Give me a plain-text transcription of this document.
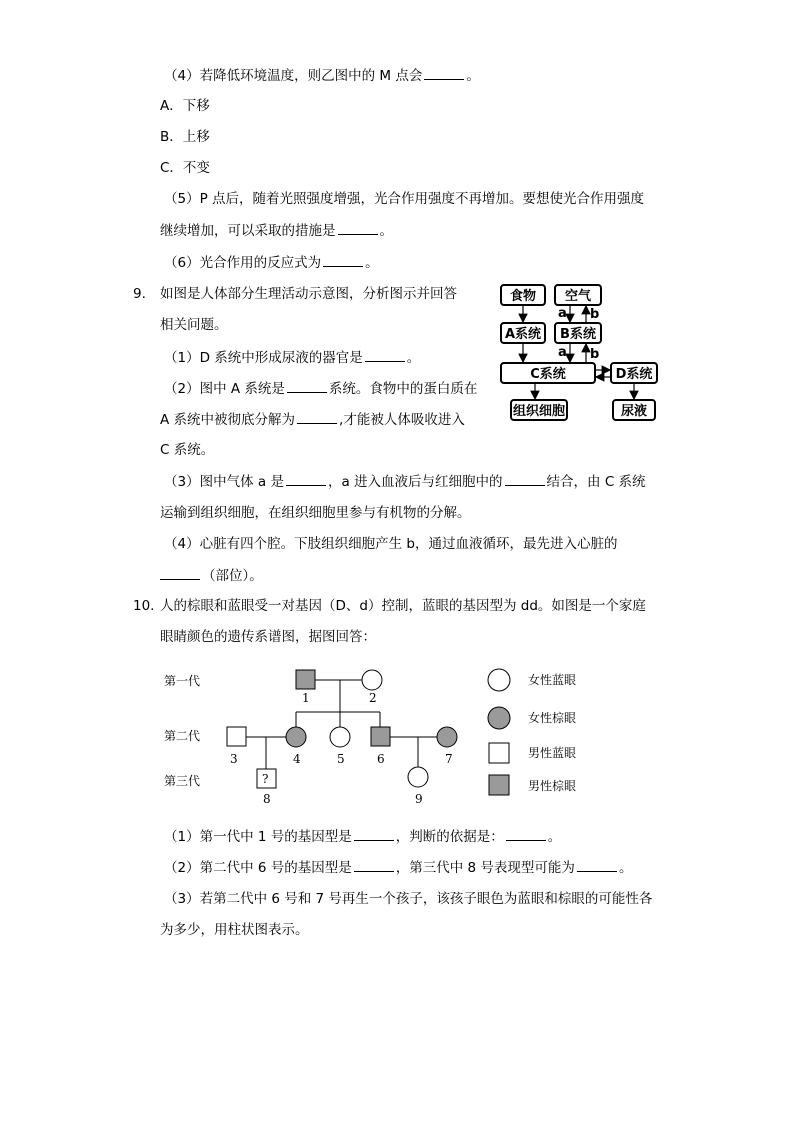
（4）若降低环境温度，则乙图中的 M 点会	。
A．下移
B．上移
C．不变
（5）P 点后，随着光照强度增强，光合作用强度不再增加。要想使光合作用强度
继续增加，可以采取的措施是	。
（6）光合作用的反应式为	。
9. 如图是人体部分生理活动示意图，分析图示并回答
相关问题。
（1）D 系统中形成尿液的器官是	。
（2）图中 A 系统是	系统。食物中的蛋白质在
A 系统中被彻底分解为	,才能被人体吸收进入
C 系统。
（3）图中气体 a 是	，a 进入血液后与红细胞中的	结合，由 C 系统
运输到组织细胞，在组织细胞里参与有机物的分解。
（4）心脏有四个腔。下肢组织细胞产生 b，通过血液循环，最先进入心脏的
（部位）。
食物 空气
A系统 B系统
C系统	D系统
组织细胞	尿液
a b
a b
10. 人的棕眼和蓝眼受一对基因（D、d）控制，蓝眼的基因型为 dd。如图是一个家庭
眼睛颜色的遗传系谱图，据图回答：
第一代
第二代
第三代
1	2
3	4	5	6	7
?
8	9
女性蓝眼
女性棕眼
男性蓝眼
男性棕眼
（1）第一代中 1 号的基因型是	，判断的依据是：	。
（2）第二代中 6 号的基因型是	，第三代中 8 号表现型可能为	。
（3）若第二代中 6 号和 7 号再生一个孩子，该孩子眼色为蓝眼和棕眼的可能性各
为多少，用柱状图表示。
